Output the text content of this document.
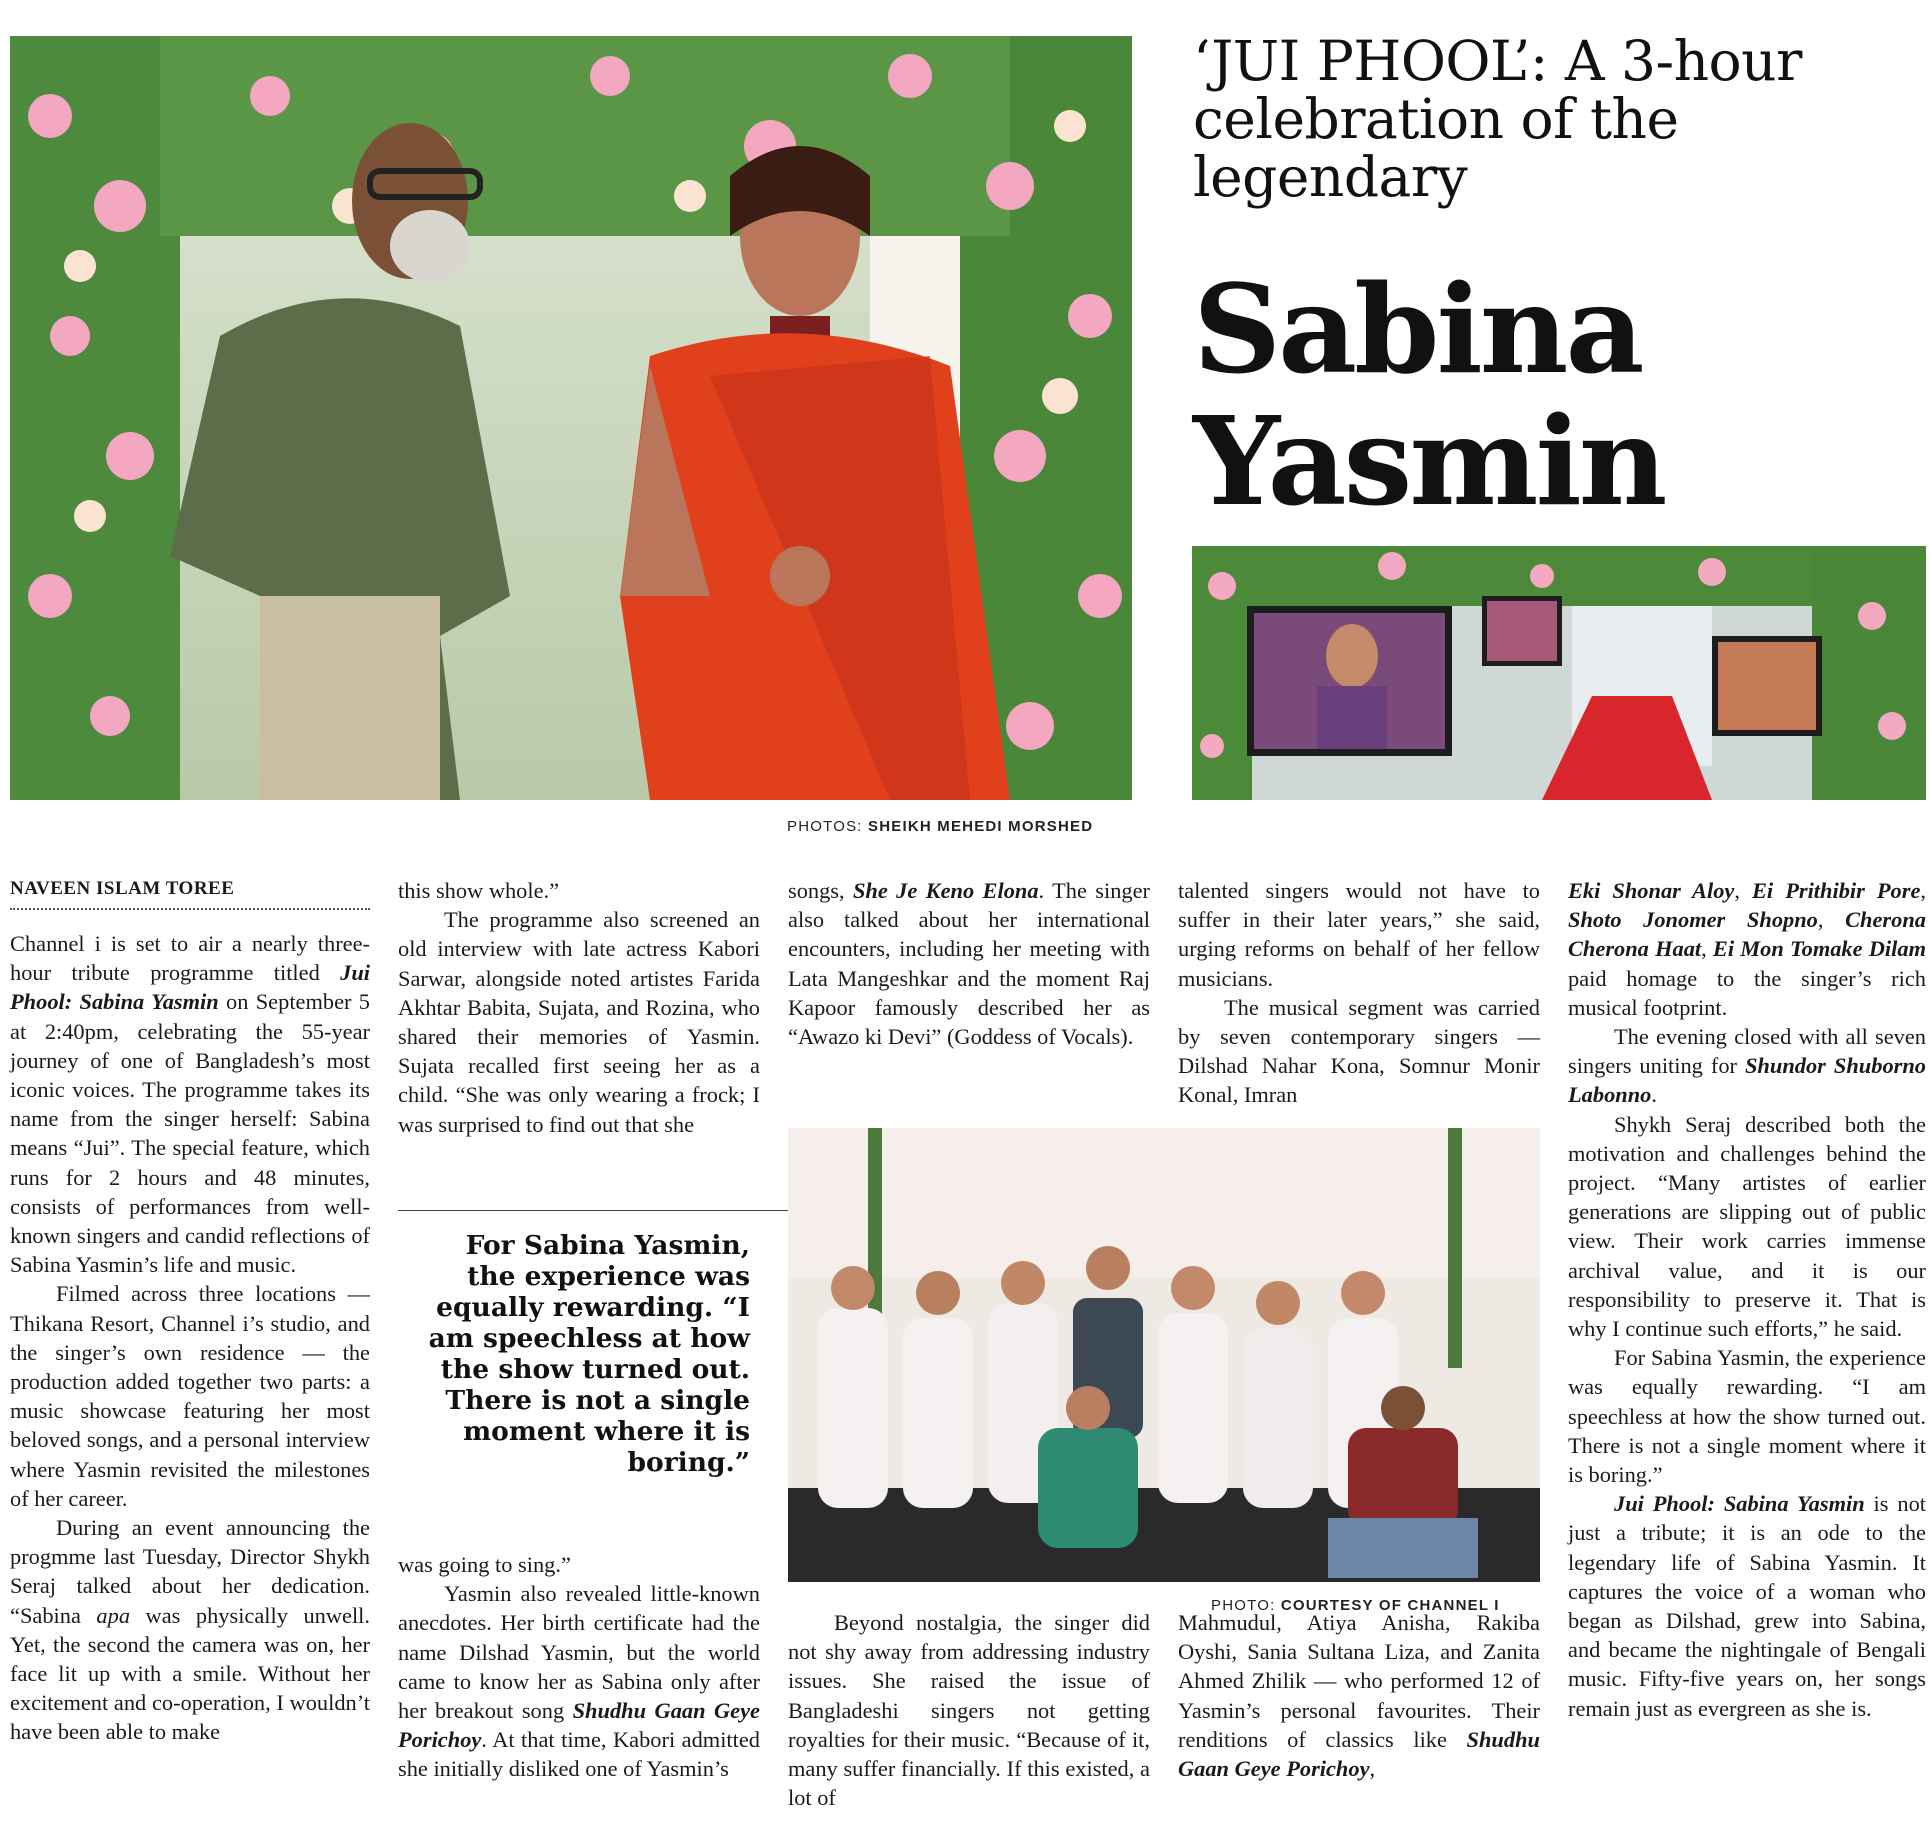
PHOTOS: SHEIKH MEHEDI MORSHED
‘JUI PHOOL’: A 3-hour celebration of the legendary
Sabina Yasmin
NAVEEN ISLAM TOREE

Channel i is set to air a nearly three-hour tribute programme titled Jui Phool: Sabina Yasmin on September 5 at 2:40pm, celebrating the 55-year journey of one of Bangladesh’s most iconic voices. The programme takes its name from the singer herself: Sabina means “Jui”. The special feature, which runs for 2 hours and 48 minutes, consists of performances from well-known singers and candid reflections of Sabina Yasmin’s life and music.

Filmed across three locations — Thikana Resort, Channel i’s studio, and the singer’s own residence — the production added together two parts: a music showcase featuring her most beloved songs, and a personal interview where Yasmin revisited the milestones of her career.

During an event announcing the progmme last Tuesday, Director Shykh Seraj talked about her dedication. “Sabina apa was physically unwell. Yet, the second the camera was on, her face lit up with a smile. Without her excitement and co-operation, I wouldn’t have been able to make

this show whole.”

The programme also screened an old interview with late actress Kabori Sarwar, alongside noted artistes Farida Akhtar Babita, Sujata, and Rozina, who shared their memories of Yasmin. Sujata recalled first seeing her as a child. “She was only wearing a frock; I was surprised to find out that she

For Sabina Yasmin, the experience was equally rewarding. “I am speechless at how the show turned out. There is not a single moment where it is boring.”

was going to sing.”

Yasmin also revealed little-known anecdotes. Her birth certificate had the name Dilshad Yasmin, but the world came to know her as Sabina only after her breakout song Shudhu Gaan Geye Porichoy. At that time, Kabori admitted she initially disliked one of Yasmin’s

songs, She Je Keno Elona. The singer also talked about her international encounters, including her meeting with Lata Mangeshkar and the moment Raj Kapoor famously described her as “Awazo ki Devi” (Goddess of Vocals).

PHOTO: COURTESY OF CHANNEL I

Beyond nostalgia, the singer did not shy away from addressing industry issues. She raised the issue of Bangladeshi singers not getting royalties for their music. “Because of it, many suffer financially. If this existed, a lot of

talented singers would not have to suffer in their later years,” she said, urging reforms on behalf of her fellow musicians.

The musical segment was carried by seven contemporary singers — Dilshad Nahar Kona, Somnur Monir Konal, Imran

Mahmudul, Atiya Anisha, Rakiba Oyshi, Sania Sultana Liza, and Zanita Ahmed Zhilik — who performed 12 of Yasmin’s personal favourites. Their renditions of classics like Shudhu Gaan Geye Porichoy,

Eki Shonar Aloy, Ei Prithibir Pore, Shoto Jonomer Shopno, Cherona Cherona Haat, Ei Mon Tomake Dilam paid homage to the singer’s rich musical footprint.

The evening closed with all seven singers uniting for Shundor Shuborno Labonno.

Shykh Seraj described both the motivation and challenges behind the project. “Many artistes of earlier generations are slipping out of public view. Their work carries immense archival value, and it is our responsibility to preserve it. That is why I continue such efforts,” he said.

For Sabina Yasmin, the experience was equally rewarding. “I am speechless at how the show turned out. There is not a single moment where it is boring.”

Jui Phool: Sabina Yasmin is not just a tribute; it is an ode to the legendary life of Sabina Yasmin. It captures the voice of a woman who began as Dilshad, grew into Sabina, and became the nightingale of Bengali music. Fifty-five years on, her songs remain just as evergreen as she is.
